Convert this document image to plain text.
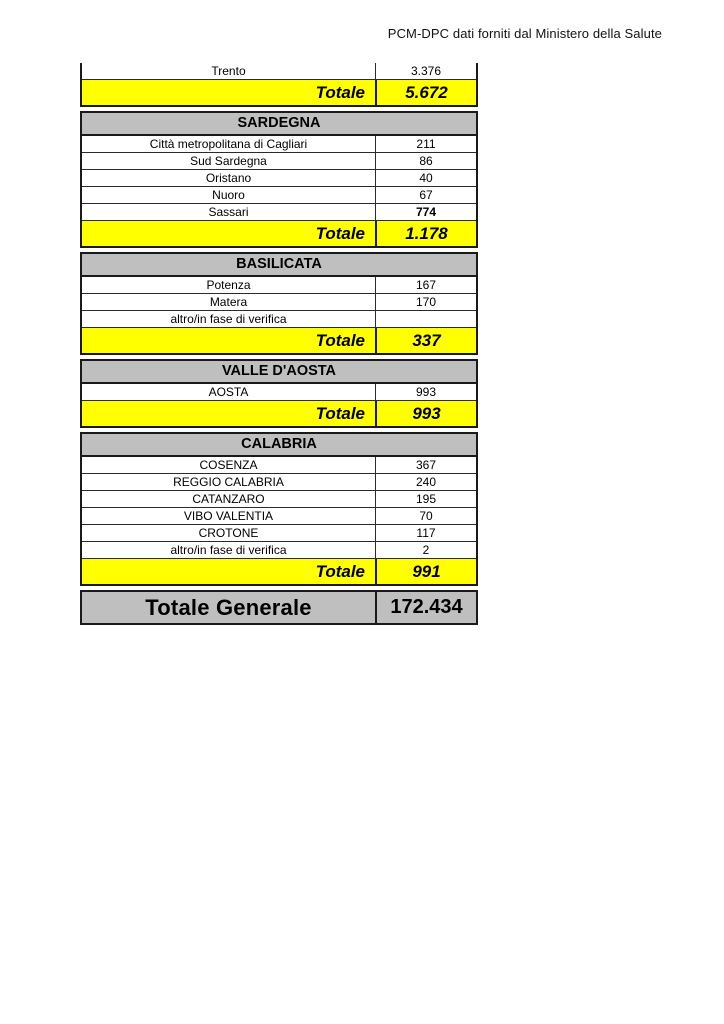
PCM-DPC dati forniti dal Ministero della Salute
Trento	3.376
Totale	5.672
SARDEGNA
Città metropolitana di Cagliari	211
Sud Sardegna	86
Oristano	40
Nuoro	67
Sassari	774
Totale	1.178
BASILICATA
Potenza	167
Matera	170
altro/in fase di verifica
Totale	337
VALLE D'AOSTA
AOSTA	993
Totale	993
CALABRIA
COSENZA	367
REGGIO CALABRIA	240
CATANZARO	195
VIBO VALENTIA	70
CROTONE	117
altro/in fase di verifica	2
Totale	991
Totale Generale	172.434
